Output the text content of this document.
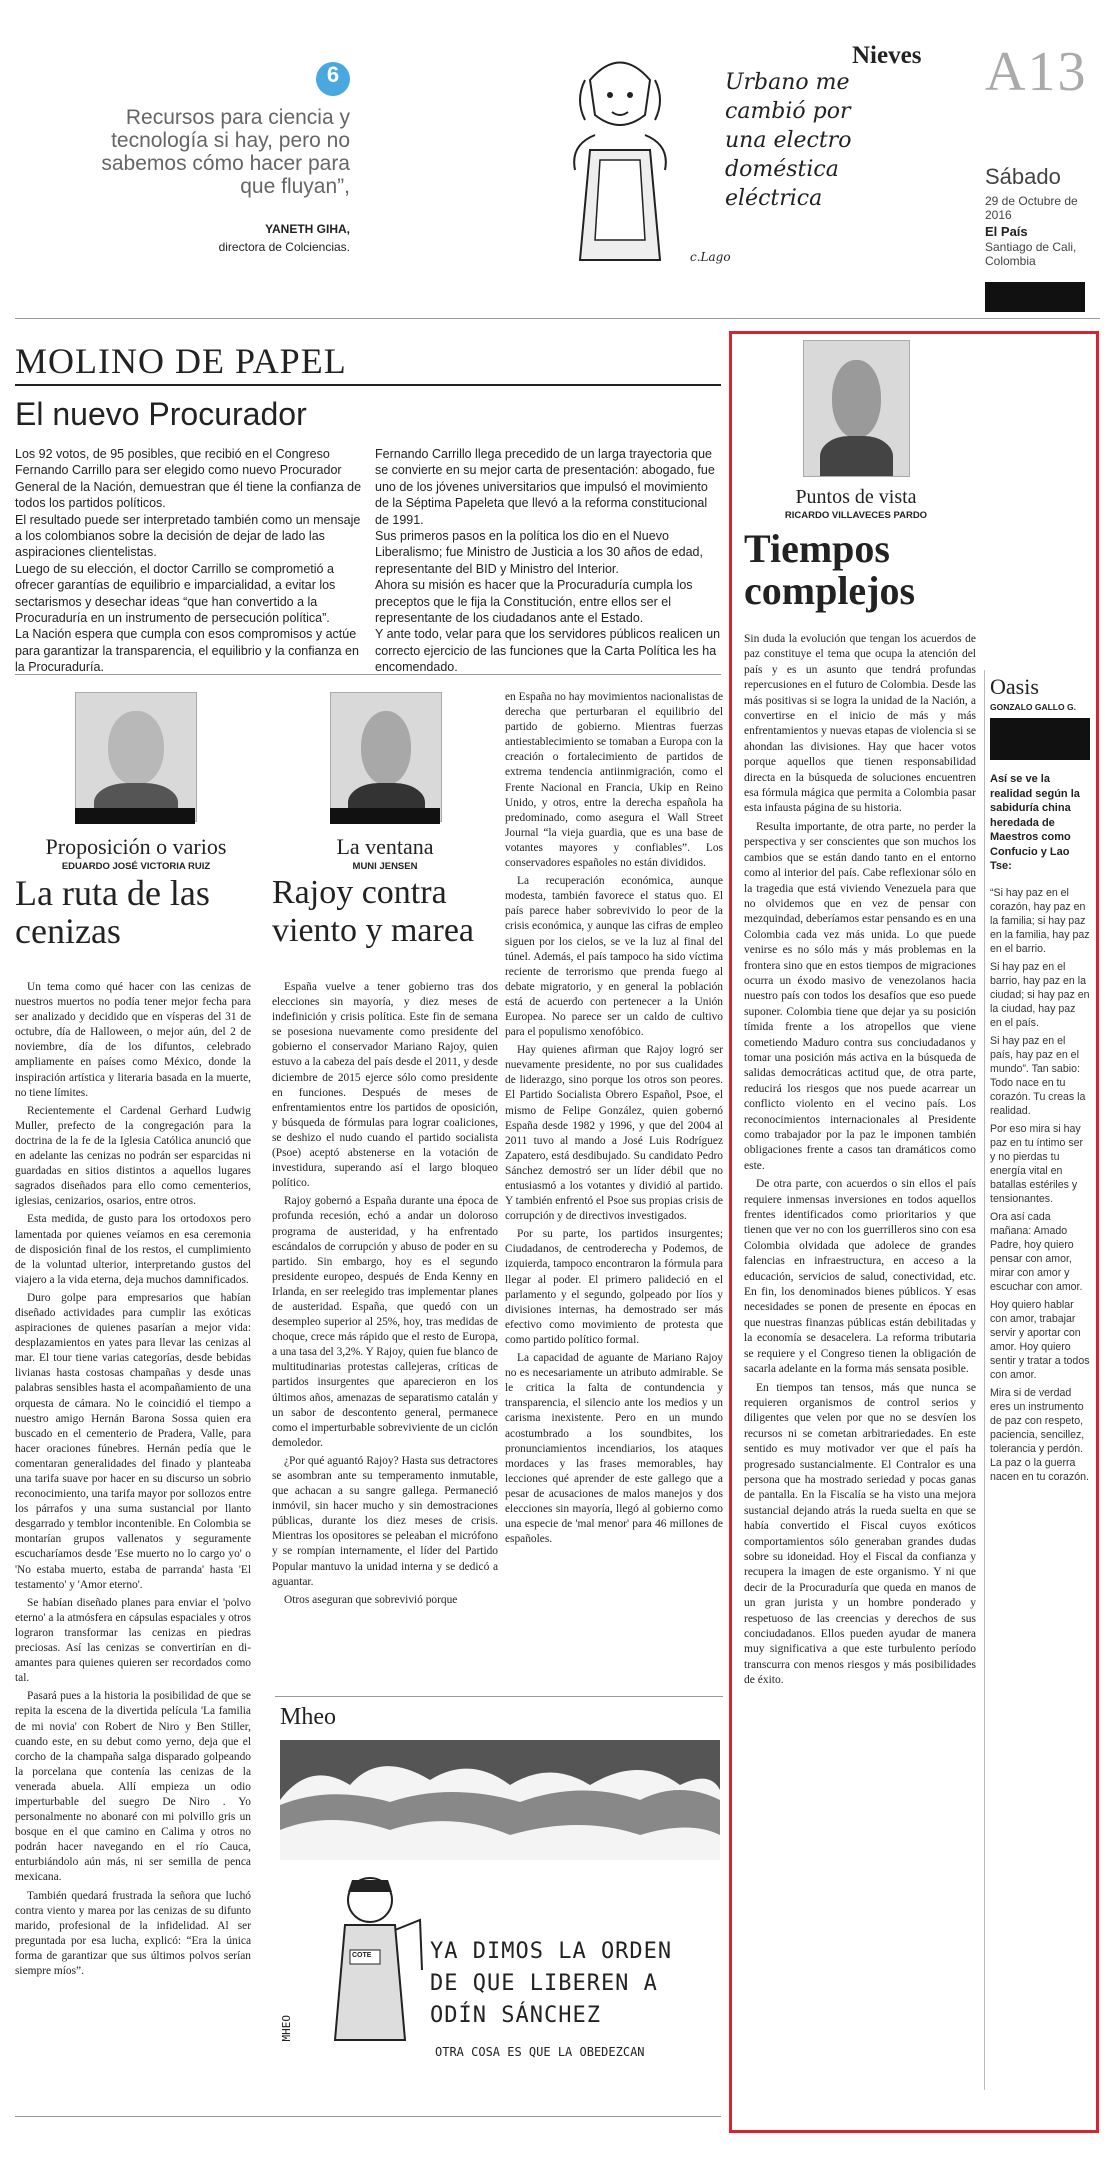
6
Recursos para ciencia y tecnología si hay, pero no sabemos cómo hacer para que fluyan”,
YANETH GIHA,
directora de Colciencias.
Urbano me cambió por una electro doméstica eléctrica
c.Lago
Nieves A13
Sábado
29 de Octubre de 2016
El País
Santiago de Cali, Colombia
MOLINO DE PAPEL
El nuevo Procurador
Los 92 votos, de 95 posibles, que recibió en el Congreso Fernando Carrillo para ser elegido como nuevo Procurador General de la Nación, demuestran que él tiene la confianza de todos los partidos políticos.
El resultado puede ser interpretado también como un mensaje a los colombianos sobre la decisión de dejar de lado las aspiraciones clientelistas.
Luego de su elección, el doctor Carrillo se comprometió a ofrecer garantías de equilibrio e imparcialidad, a evitar los sectarismos y desechar ideas “que han convertido a la Procuraduría en un instrumento de persecución política”.
La Nación espera que cumpla con esos compromisos y actúe para garantizar la transparencia, el equilibrio y la confianza en la Procuraduría.
Fernando Carrillo llega precedido de un larga trayectoria que se convierte en su mejor carta de presentación: abogado, fue uno de los jóvenes universitarios que impulsó el movimiento de la Séptima Papeleta que llevó a la reforma constitucional de 1991.
Sus primeros pasos en la política los dio en el Nuevo Liberalismo; fue Ministro de Justicia a los 30 años de edad, representante del BID y Ministro del Interior.
Ahora su misión es hacer que la Procuraduría cumpla los preceptos que le fija la Constitución, entre ellos ser el representante de los ciudadanos ante el Estado.
Y ante todo, velar para que los servidores públicos realicen un correcto ejercicio de las funciones que la Carta Política les ha encomendado.
Proposición o varios
EDUARDO JOSÉ VICTORIA RUIZ
La ruta de las cenizas

Un tema como qué hacer con las cenizas de nuestros muertos no podía tener mejor fecha para ser analizado y decidido que en vísperas del 31 de octubre, día de Halloween, o mejor aún, del 2 de noviembre, día de los difuntos, celebrado ampliamente en países como México, donde la inspiración artística y literaria basada en la muerte, no tiene límites.

Recientemente el Cardenal Gerhard Ludwig Muller, prefecto de la congregación para la doctrina de la fe de la Iglesia Católica anunció que en adelante las cenizas no podrán ser esparcidas ni guardadas en sitios distintos a aquellos lugares sagrados diseñados para ello como cementerios, iglesias, cenizarios, osarios, entre otros.

Esta medida, de gusto para los ortodoxos pero lamentada por quienes veíamos en esa ceremonia de disposición final de los restos, el cumplimiento de la voluntad ulterior, interpretando gustos del viajero a la vida eterna, deja muchos damnificados.

Duro golpe para empresarios que habían diseñado actividades para cumplir las exóticas aspiraciones de quienes pasarían a mejor vida: desplazamientos en yates para llevar las cenizas al mar. El tour tiene varias categorías, desde bebidas livianas hasta costosas champañas y desde unas palabras sensibles hasta el acompañamiento de una orquesta de cámara. No le coincidió el tiempo a nuestro amigo Hernán Barona Sossa quien era buscado en el cementerio de Pradera, Valle, para hacer oraciones fúnebres. Hernán pedía que le comentaran generalidades del finado y planteaba una tarifa suave por hacer en su discurso un sobrio reconocimiento, una tarifa mayor por sollozos entre los párrafos y una suma sustancial por llanto desgarrado y temblor incontenible. En Colombia se montarían grupos vallenatos y seguramente escucharíamos desde 'Ese muerto no lo cargo yo' o 'No estaba muerto, estaba de parranda' hasta 'El testamento' y 'Amor eterno'.

Se habían diseñado planes para enviar el 'polvo eterno' a la atmósfera en cápsulas espaciales y otros lograron transformar las cenizas en piedras preciosas. Así las cenizas se convertirían en di-amantes para quienes quieren ser recordados como tal.

Pasará pues a la historia la posibilidad de que se repita la escena de la divertida película 'La familia de mi novia' con Robert de Niro y Ben Stiller, cuando este, en su debut como yerno, deja que el corcho de la champaña salga disparado golpeando la porcelana que contenía las cenizas de la venerada abuela. Allí empieza un odio imperturbable del suegro De Niro . Yo personalmente no abonaré con mi polvillo gris un bosque en el que camino en Calima y otros no podrán hacer navegando en el río Cauca, enturbiándolo aún más, ni ser semilla de penca mexicana.

También quedará frustrada la señora que luchó contra viento y marea por las cenizas de su difunto marido, profesional de la infidelidad. Al ser preguntada por esa lucha, explicó: “Era la única forma de garantizar que sus últimos polvos serían siempre míos”.

La ventana
MUNI JENSEN
Rajoy contra viento y marea

España vuelve a tener gobierno tras dos elecciones sin mayoría, y diez meses de indefinición y crisis política. Este fin de semana se posesiona nuevamente como presidente del gobierno el conservador Mariano Rajoy, quien estuvo a la cabeza del país desde el 2011, y desde diciembre de 2015 ejerce sólo como presidente en funciones. Después de meses de enfrentamientos entre los partidos de oposición, y búsqueda de fórmulas para lograr coaliciones, se deshizo el nudo cuando el partido socialista (Psoe) aceptó abstenerse en la votación de investidura, superando así el largo bloqueo político.

Rajoy gobernó a España durante una época de profunda recesión, echó a andar un doloroso programa de austeridad, y ha enfrentado escándalos de corrupción y abuso de poder en su partido. Sin embargo, hoy es el segundo presidente europeo, después de Enda Kenny en Irlanda, en ser reelegido tras implementar planes de austeridad. España, que quedó con un desempleo superior al 25%, hoy, tras medidas de choque, crece más rápido que el resto de Europa, a una tasa del 3,2%. Y Rajoy, quien fue blanco de multitudinarias protestas callejeras, críticas de partidos insurgentes que aparecieron en los últimos años, amenazas de separatismo catalán y un sabor de descontento general, permanece como el imperturbable sobreviviente de un ciclón demoledor.

¿Por qué aguantó Rajoy? Hasta sus detractores se asombran ante su temperamento inmutable, que achacan a su sangre gallega. Permaneció inmóvil, sin hacer mucho y sin demostraciones públicas, durante los diez meses de crisis. Mientras los opositores se peleaban el micrófono y se rompían internamente, el líder del Partido Popular mantuvo la unidad interna y se dedicó a aguantar.

Otros aseguran que sobrevivió porque

en España no hay movimientos nacionalistas de derecha que perturbaran el equilibrio del partido de gobierno. Mientras fuerzas antiestablecimiento se tomaban a Europa con la creación o fortalecimiento de partidos de extrema tendencia antiinmigración, como el Frente Nacional en Francia, Ukip en Reino Unido, y otros, entre la derecha española ha predominado, como asegura el Wall Street Journal “la vieja guardia, que es una base de votantes mayores y confiables”. Los conservadores españoles no están divididos.

La recuperación económica, aunque modesta, también favorece el status quo. El país parece haber sobrevivido lo peor de la crisis económica, y aunque las cifras de empleo siguen por los cielos, se ve la luz al final del túnel. Además, el país tampoco ha sido víctima reciente de terrorismo que prenda fuego al debate migratorio, y en general la población está de acuerdo con pertenecer a la Unión Europea. No parece ser un caldo de cultivo para el populismo xenofóbico.

Hay quienes afirman que Rajoy logró ser nuevamente presidente, no por sus cualidades de liderazgo, sino porque los otros son peores. El Partido Socialista Obrero Español, Psoe, el mismo de Felipe González, quien gobernó España desde 1982 y 1996, y que del 2004 al 2011 tuvo al mando a José Luis Rodríguez Zapatero, está desdibujado. Su candidato Pedro Sánchez demostró ser un líder débil que no entusiasmó a los votantes y dividió al partido. Y también enfrentó el Psoe sus propias crisis de corrupción y de directivos investigados.

Por su parte, los partidos insurgentes; Ciudadanos, de centroderecha y Podemos, de izquierda, tampoco encontraron la fórmula para llegar al poder. El primero palideció en el parlamento y el segundo, golpeado por líos y divisiones internas, ha demostrado ser más efectivo como movimiento de protesta que como partido político formal.

La capacidad de aguante de Mariano Rajoy no es necesariamente un atributo admirable. Se le critica la falta de contundencia y transparencia, el silencio ante los medios y un carisma inexistente. Pero en un mundo acostumbrado a los soundbites, los pronunciamientos incendiarios, los ataques mordaces y las frases memorables, hay lecciones qué aprender de este gallego que a pesar de acusaciones de malos manejos y dos elecciones sin mayoría, llegó al gobierno como una especie de 'mal menor' para 46 millones de españoles.

Mheo
COTE	YA DIMOS LA ORDEN DE QUE LIBEREN A ODÍN SÁNCHEZ
OTRA COSA ES QUE LA OBEDEZCAN
MHEO
Puntos de vista
RICARDO VILLAVECES PARDO
Tiempos complejos

Sin duda la evolución que tengan los acuerdos de paz constituye el tema que ocupa la atención del país y es un asunto que tendrá profundas repercusiones en el futuro de Colombia. Desde las más positivas si se logra la unidad de la Nación, a convertirse en el inicio de más y más enfrentamientos y nuevas etapas de violencia si se ahondan las divisiones. Hay que hacer votos porque aquellos que tienen responsabilidad directa en la búsqueda de soluciones encuentren esa fórmula mágica que permita a Colombia pasar esta infausta página de su historia.

Resulta importante, de otra parte, no perder la perspectiva y ser conscientes que son muchos los cambios que se están dando tanto en el entorno como al interior del país. Cabe reflexionar sólo en la tragedia que está viviendo Venezuela para que no olvidemos que en vez de pensar con mezquindad, deberíamos estar pensando es en una Colombia cada vez más unida. Lo que puede venirse es no sólo más y más problemas en la frontera sino que en estos tiempos de migraciones ocurra un éxodo masivo de venezolanos hacia nuestro país con todos los desafíos que eso puede suponer. Colombia tiene que dejar ya su posición tímida frente a los atropellos que viene cometiendo Maduro contra sus conciudadanos y tomar una posición más activa en la búsqueda de salidas democráticas actitud que, de otra parte, reducirá los riesgos que nos puede acarrear un conflicto violento en el vecino país. Los reconocimientos internacionales al Presidente como trabajador por la paz le imponen también obligaciones frente a casos tan dramáticos como este.

De otra parte, con acuerdos o sin ellos el país requiere inmensas inversiones en todos aquellos frentes identificados como prioritarios y que tienen que ver no con los guerrilleros sino con esa Colombia olvidada que adolece de grandes falencias en infraestructura, en acceso a la educación, servicios de salud, conectividad, etc. En fin, los denominados bienes públicos. Y esas necesidades se ponen de presente en épocas en que nuestras finanzas públicas están debilitadas y la economía se desacelera. La reforma tributaria se requiere y el Congreso tienen la obligación de sacarla adelante en la forma más sensata posible.

En tiempos tan tensos, más que nunca se requieren organismos de control serios y diligentes que velen por que no se desvíen los recursos ni se cometan arbitrariedades. En este sentido es muy motivador ver que el país ha progresado sustancialmente. El Contralor es una persona que ha mostrado seriedad y pocas ganas de pantalla. En la Fiscalía se ha visto una mejora sustancial dejando atrás la rueda suelta en que se había convertido el Fiscal cuyos exóticos comportamientos sólo generaban grandes dudas sobre su idoneidad. Hoy el Fiscal da confianza y recupera la imagen de este organismo. Y ni que decir de la Procuraduría que queda en manos de un gran jurista y un hombre ponderado y respetuoso de las creencias y derechos de sus conciudadanos. Ellos pueden ayudar de manera muy significativa a que este turbulento período transcurra con menos riesgos y más posibilidades de éxito.

Oasis
GONZALO GALLO G.
Así se ve la realidad según la sabiduría china heredada de Maestros como Confucio y Lao Tse:
“Si hay paz en el corazón, hay paz en la familia; si hay paz en la familia, hay paz en el barrio.
Si hay paz en el barrio, hay paz en la ciudad; si hay paz en la ciudad, hay paz en el país.
Si hay paz en el país, hay paz en el mundo”. Tan sabio: Todo nace en tu corazón. Tu creas la realidad.
Por eso mira si hay paz en tu íntimo ser y no pierdas tu energía vital en batallas estériles y tensionantes.
Ora así cada mañana: Amado Padre, hoy quiero pensar con amor, mirar con amor y escuchar con amor.
Hoy quiero hablar con amor, trabajar servir y aportar con amor. Hoy quiero sentir y tratar a todos con amor.
Mira si de verdad eres un instrumento de paz con respeto, paciencia, sencillez, tolerancia y perdón. La paz o la guerra nacen en tu corazón.
